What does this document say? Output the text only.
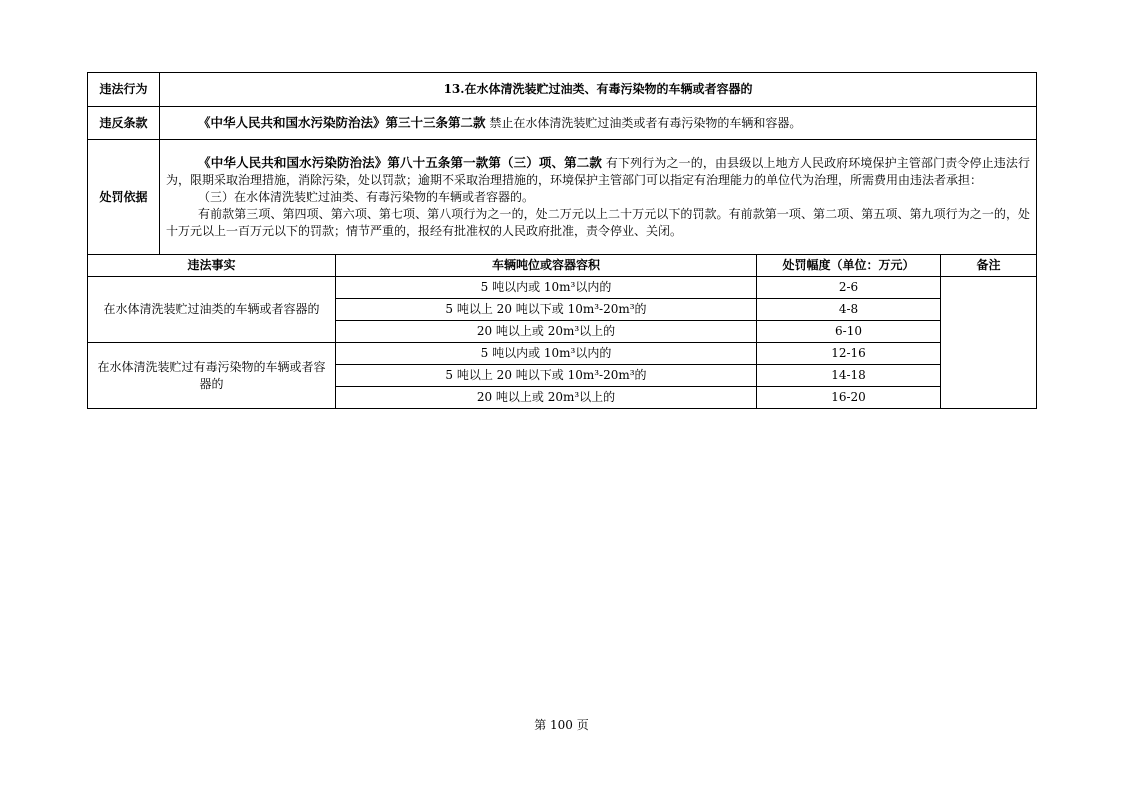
违法行为	13.在水体清洗装贮过油类、有毒污染物的车辆或者容器的			
违反条款	《中华人民共和国水污染防治法》第三十三条第二款 禁止在水体清洗装贮过油类或者有毒污染物的车辆和容器。			
处罚依据	《中华人民共和国水污染防治法》第八十五条第一款第（三）项、第二款 有下列行为之一的，由县级以上地方人民政府环境保护主管部门责令停止违法行为，限期采取治理措施，消除污染，处以罚款；逾期不采取治理措施的，环境保护主管部门可以指定有治理能力的单位代为治理，所需费用由违法者承担：

（三）在水体清洗装贮过油类、有毒污染物的车辆或者容器的。

有前款第三项、第四项、第六项、第七项、第八项行为之一的，处二万元以上二十万元以下的罚款。有前款第一项、第二项、第五项、第九项行为之一的，处十万元以上一百万元以下的罚款；情节严重的，报经有批准权的人民政府批准，责令停业、关闭。			

违法事实		车辆吨位或容器容积	处罚幅度（单位：万元）	备注
在水体清洗装贮过油类的车辆或者容器的		5 吨以内或 10m³以内的	2-6	
		5 吨以上 20 吨以下或 10m³-20m³的	4-8	
		20 吨以上或 20m³以上的	6-10	
在水体清洗装贮过有毒污染物的车辆或者容器的		5 吨以内或 10m³以内的	12-16	
		5 吨以上 20 吨以下或 10m³-20m³的	14-18	
		20 吨以上或 20m³以上的	16-20	
第 100 页
